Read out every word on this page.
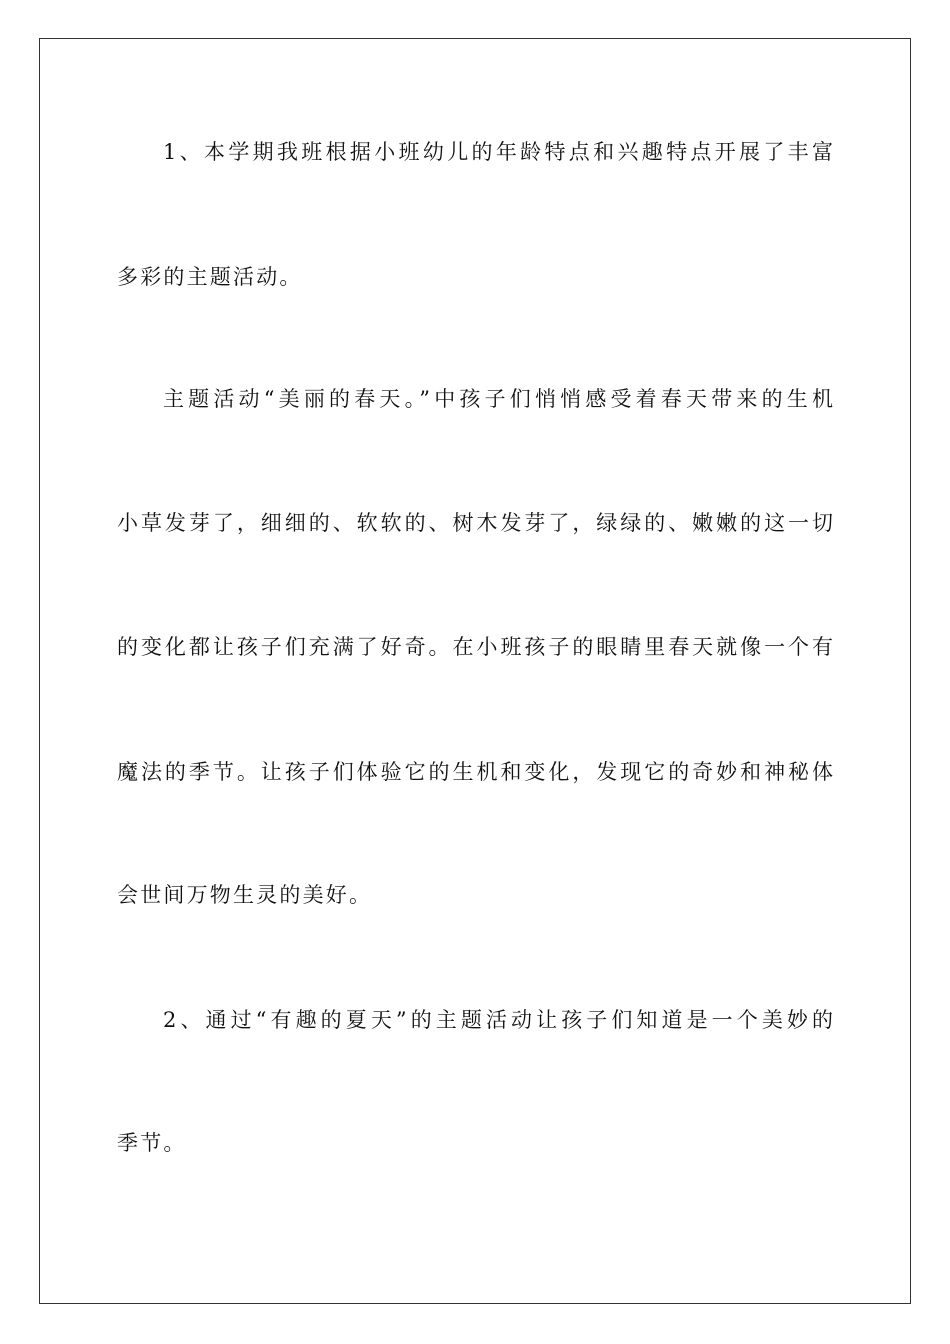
1、本学期我班根据小班幼儿的年龄特点和兴趣特点开展了丰富
多彩的主题活动。
主题活动“美丽的春天。”中孩子们悄悄感受着春天带来的生机
小草发芽了，细细的、软软的、树木发芽了，绿绿的、嫩嫩的这一切
的变化都让孩子们充满了好奇。在小班孩子的眼睛里春天就像一个有
魔法的季节。让孩子们体验它的生机和变化，发现它的奇妙和神秘体
会世间万物生灵的美好。
2、通过“有趣的夏天”的主题活动让孩子们知道是一个美妙的
季节。
